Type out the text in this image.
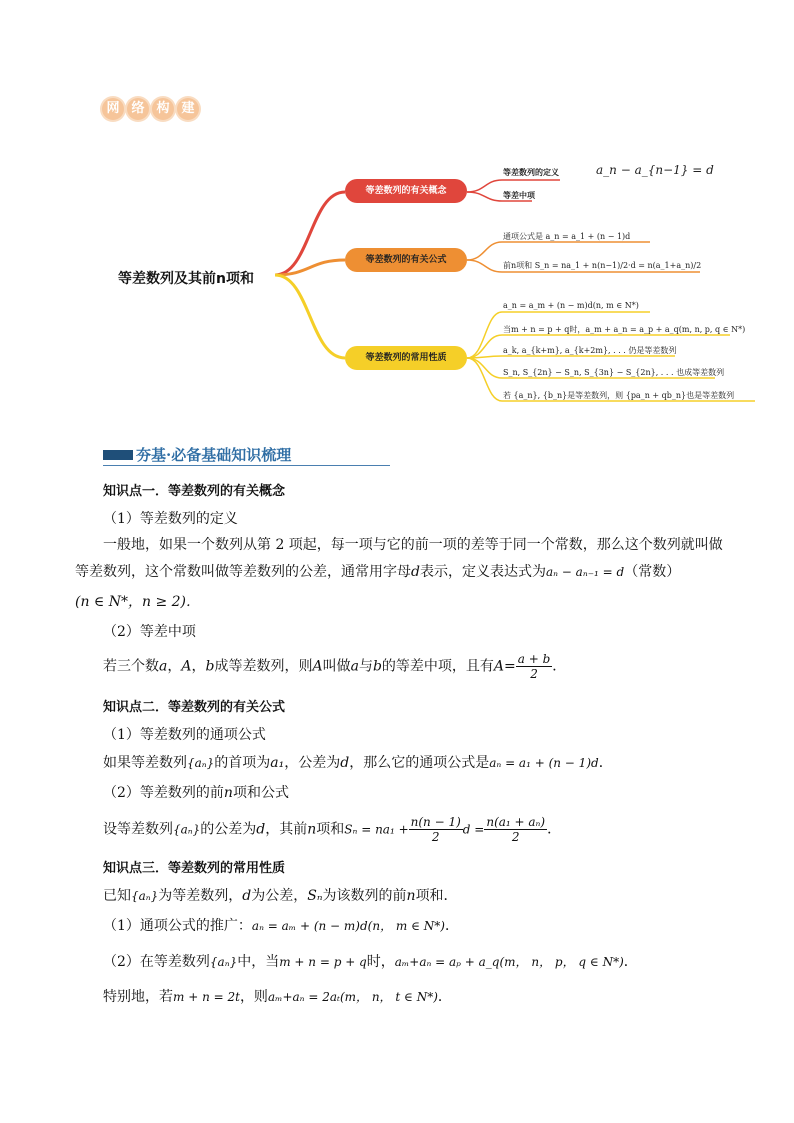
网 络 构 建
等差数列及其前n项和
等差数列的有关概念
等差数列的有关公式
等差数列的常用性质
等差数列的定义	a_n − a_{n−1} = d
等差中项
通项公式是 a_n = a_1 + (n − 1)d
前n项和 S_n = na_1 + n(n−1)/2·d = n(a_1+a_n)/2
a_n = a_m + (n − m)d(n, m ∈ N*)
当m + n = p + q时，a_m + a_n = a_p + a_q(m, n, p, q ∈ N*)
a_k, a_{k+m}, a_{k+2m}, . . . 仍是等差数列
S_n, S_{2n} − S_n, S_{3n} − S_{2n}, . . . 也成等差数列
若 {a_n}, {b_n}是等差数列，则 {pa_n + qb_n}也是等差数列
夯基·必备基础知识梳理
知识点一．等差数列的有关概念
（1）等差数列的定义
一般地，如果一个数列从第 2 项起，每一项与它的前一项的差等于同一个常数，那么这个数列就叫做
等差数列，这个常数叫做等差数列的公差，通常用字母d表示，定义表达式为aₙ − aₙ₋₁ = d（常数）
(n ∈ N*，n ≥ 2)．
（2）等差中项
若三个数a，A，b成等差数列，则A叫做a与b的等差中项，且有$A= \frac{a + b}{2}$ ．
知识点二．等差数列的有关公式
（1）等差数列的通项公式
如果等差数列{aₙ}的首项为a₁，公差为d，那么它的通项公式是aₙ = a₁ + (n − 1)d．
（2）等差数列的前n项和公式
设等差数列{aₙ}的公差为d，其前n项和$S_n = na_1 + \frac{n(n - 1)}{2}$ $d = \frac{\text{n(a₁ + aₙ)}}{2}$ ．
知识点三．等差数列的常用性质
已知{aₙ}为等差数列，d为公差，Sₙ为该数列的前n项和．
（1）通项公式的推广：aₙ = aₘ + (n − m)d(n， m ∈ N*)．
（2）在等差数列{aₙ}中，当m + n = p + q时，aₘ+aₙ = aₚ + a_q(m， n， p， q ∈ N*)．
特别地，若m + n = 2t，则aₘ+aₙ = 2aₜ(m， n， t ∈ N*)．
